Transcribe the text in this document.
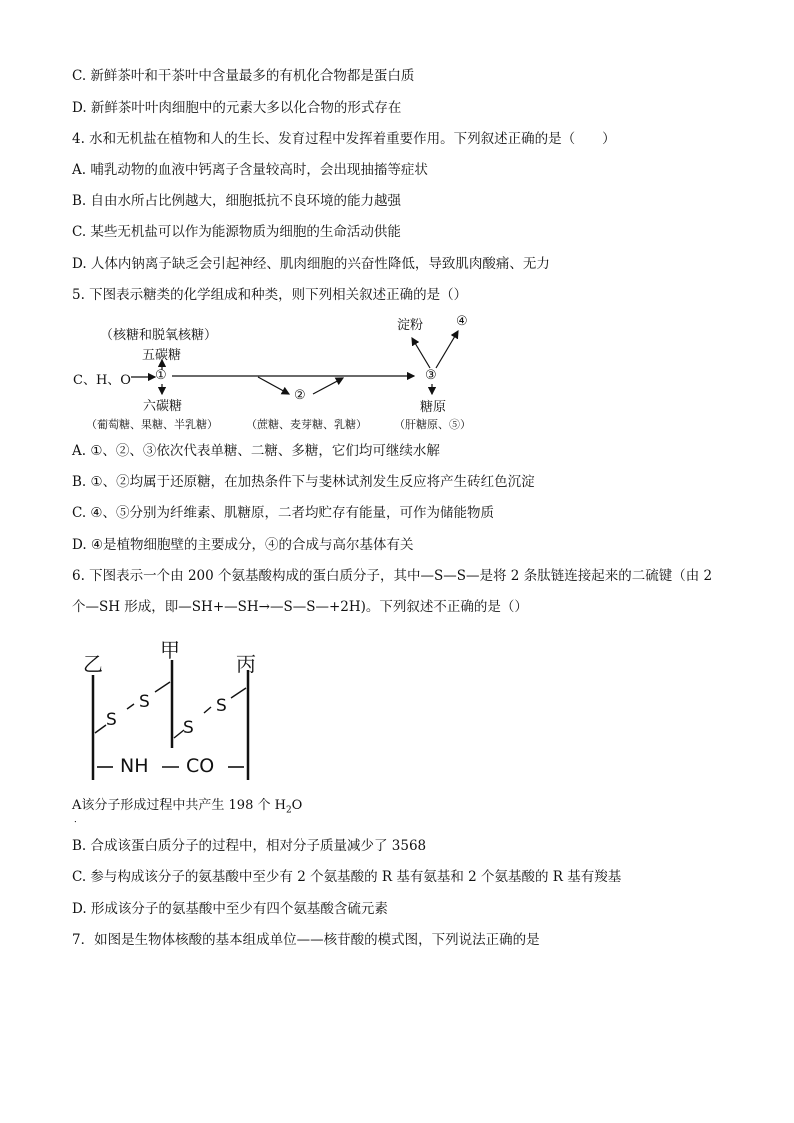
C. 新鲜茶叶和干茶叶中含量最多的有机化合物都是蛋白质
D. 新鲜茶叶叶肉细胞中的元素大多以化合物的形式存在
4. 水和无机盐在植物和人的生长、发育过程中发挥着重要作用。下列叙述正确的是（　　）
A. 哺乳动物的血液中钙离子含量较高时，会出现抽搐等症状
B. 自由水所占比例越大，细胞抵抗不良环境的能力越强
C. 某些无机盐可以作为能源物质为细胞的生命活动供能
D. 人体内钠离子缺乏会引起神经、肌肉细胞的兴奋性降低，导致肌肉酸痛、无力
5. 下图表示糖类的化学组成和种类，则下列相关叙述正确的是（）
（核糖和脱氧核糖）
五碳糖
C、H、O ①
②
③
六碳糖
（葡萄糖、果糖、半乳糖）	（蔗糖、麦芽糖、乳糖）
淀粉	④
糖原
（肝糖原、⑤）
A. ①、②、③依次代表单糖、二糖、多糖，它们均可继续水解
B. ①、②均属于还原糖，在加热条件下与斐林试剂发生反应将产生砖红色沉淀
C. ④、⑤分别为纤维素、肌糖原，二者均贮存有能量，可作为储能物质
D. ④是植物细胞壁的主要成分，④的合成与高尔基体有关
6. 下图表示一个由 200 个氨基酸构成的蛋白质分子，其中—S—S—是将 2 条肽链连接起来的二硫键（由 2
个—SH 形成，即—SH+—SH→—S—S—+2H)。下列叙述不正确的是（）
乙
甲
丙
S
S
S
S
NH CO
A该分子形成过程中共产生 198 个 $H_2O$
．
B. 合成该蛋白质分子的过程中，相对分子质量减少了 3568
C. 参与构成该分子的氨基酸中至少有 2 个氨基酸的 R 基有氨基和 2 个氨基酸的 R 基有羧基
D. 形成该分子的氨基酸中至少有四个氨基酸含硫元素
7．如图是生物体核酸的基本组成单位——核苷酸的模式图，下列说法正确的是
